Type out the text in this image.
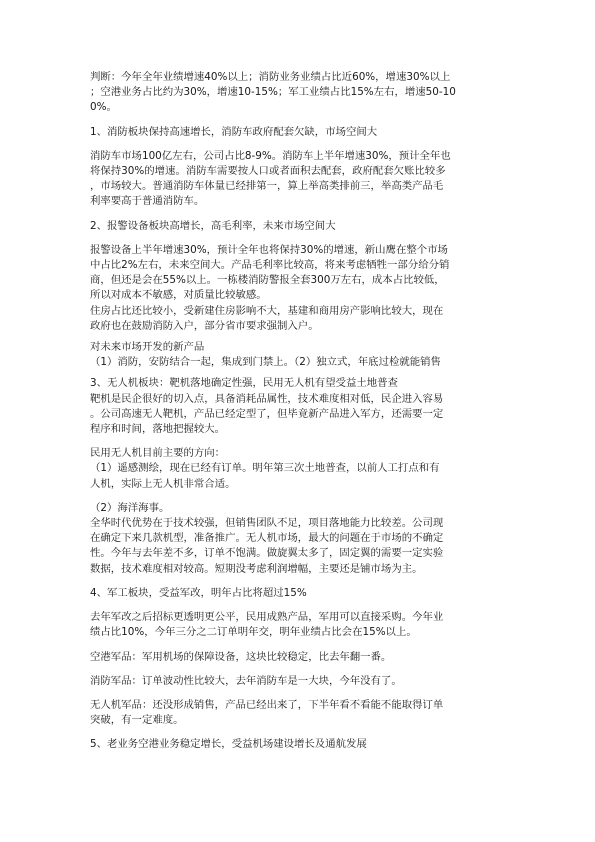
判断：今年全年业绩增速40%以上；消防业务业绩占比近60%，增速30%以上
；空港业务占比约为30%，增速10-15%；军工业绩占比15%左右，增速50-10
0%。
1、消防板块保持高速增长，消防车政府配套欠缺，市场空间大
消防车市场100亿左右，公司占比8-9%。消防车上半年增速30%，预计全年也
将保持30%的增速。消防车需要按人口或者面积去配套，政府配套欠账比较多
，市场较大。普通消防车体量已经排第一，算上举高类排前三，举高类产品毛
利率要高于普通消防车。
2、报警设备板块高增长，高毛利率，未来市场空间大
报警设备上半年增速30%，预计全年也将保持30%的增速，新山鹰在整个市场
中占比2%左右，未来空间大。产品毛利率比较高，将来考虑牺牲一部分给分销
商，但还是会在55%以上。一栋楼消防警报全套300万左右，成本占比较低，
所以对成本不敏感，对质量比较敏感。
住房占比还比较小，受新建住房影响不大，基建和商用房产影响比较大，现在
政府也在鼓励消防入户，部分省市要求强制入户。
对未来市场开发的新产品
（1）消防，安防结合一起，集成到门禁上。（2）独立式，年底过检就能销售
3、无人机板块：靶机落地确定性强，民用无人机有望受益土地普查
靶机是民企很好的切入点，具备消耗品属性，技术难度相对低，民企进入容易
。公司高速无人靶机，产品已经定型了，但毕竟新产品进入军方，还需要一定
程序和时间，落地把握较大。
民用无人机目前主要的方向：
（1）遥感测绘，现在已经有订单。明年第三次土地普查，以前人工打点和有
人机，实际上无人机非常合适。
（2）海洋海事。
全华时代优势在于技术较强，但销售团队不足，项目落地能力比较差。公司现
在确定下来几款机型，准备推广。无人机市场，最大的问题在于市场的不确定
性。今年与去年差不多，订单不饱满。做旋翼太多了，固定翼的需要一定实验
数据，技术难度相对较高。短期没考虑利润增幅，主要还是铺市场为主。
4、军工板块，受益军改，明年占比将超过15%
去年军改之后招标更透明更公平，民用成熟产品，军用可以直接采购。今年业
绩占比10%，今年三分之二订单明年交，明年业绩占比会在15%以上。
空港军品：军用机场的保障设备，这块比较稳定，比去年翻一番。
消防军品：订单波动性比较大，去年消防车是一大块，今年没有了。
无人机军品：还没形成销售，产品已经出来了，下半年看不看能不能取得订单
突破，有一定难度。
5、老业务空港业务稳定增长，受益机场建设增长及通航发展
